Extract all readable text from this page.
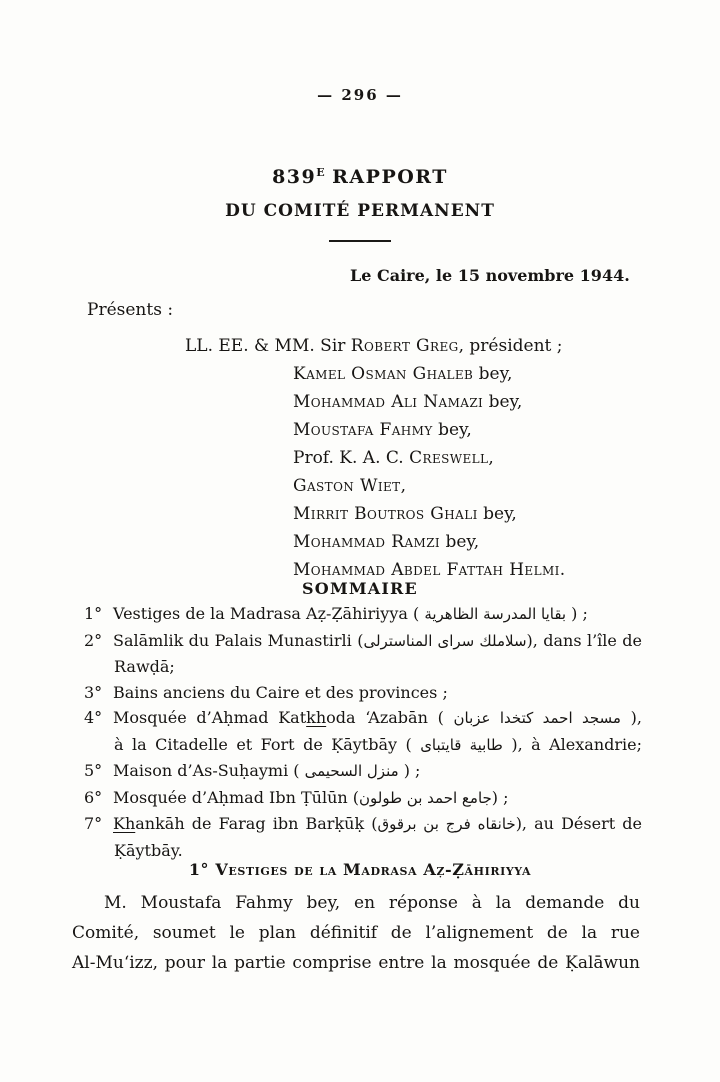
— 296 —
$839^E$ RAPPORT
DU COMITÉ PERMANENT
Le Caire, le 15 novembre 1944.
Présents :
LL. EE. & MM. Sir Robert Greg, président ;
Kamel Osman Ghaleb bey,
Mohammad Ali Namazi bey,
Moustafa Fahmy bey,
Prof. K. A. C. Creswell,
Gaston Wiet,
Mirrit Boutros Ghali bey,
Mohammad Ramzi bey,
Mohammad Abdel Fattah Helmi.
SOMMAIRE
1° Vestiges de la Madrasa Aẓ-Ẓāhiriyya ( بقايا المدرسة الظاهرية ) ;
2° Salāmlik du Palais Munastirli (سلاملك سراى المناسترلى), dans l’île de
Rawḍā;
3° Bains anciens du Caire et des provinces ;
4° Mosquée d’Aḥmad Katkhoda ‘Azabān ( مسجد احمد كتخدا عزبان ),
à la Citadelle et Fort de Ḳāytbāy ( طابية قايتباى ), à Alexandrie;
5° Maison d’As-Suḥaymi ( منزل السحيمى ) ;
6° Mosquée d’Aḥmad Ibn Ṭūlūn (جامع احمد بن طولون) ;
7° Khankāh de Farag ibn Barḳūḳ (خانقاه فرج بن برقوق), au Désert de
Ḳāytbāy.
1° Vestiges de la Madrasa Aẓ-Ẓāhiriyya
M. Moustafa Fahmy bey, en réponse à la demande du
Comité, soumet le plan définitif de l’alignement de la rue
Al-Mu‘izz, pour la partie comprise entre la mosquée de Ḳalāwun
